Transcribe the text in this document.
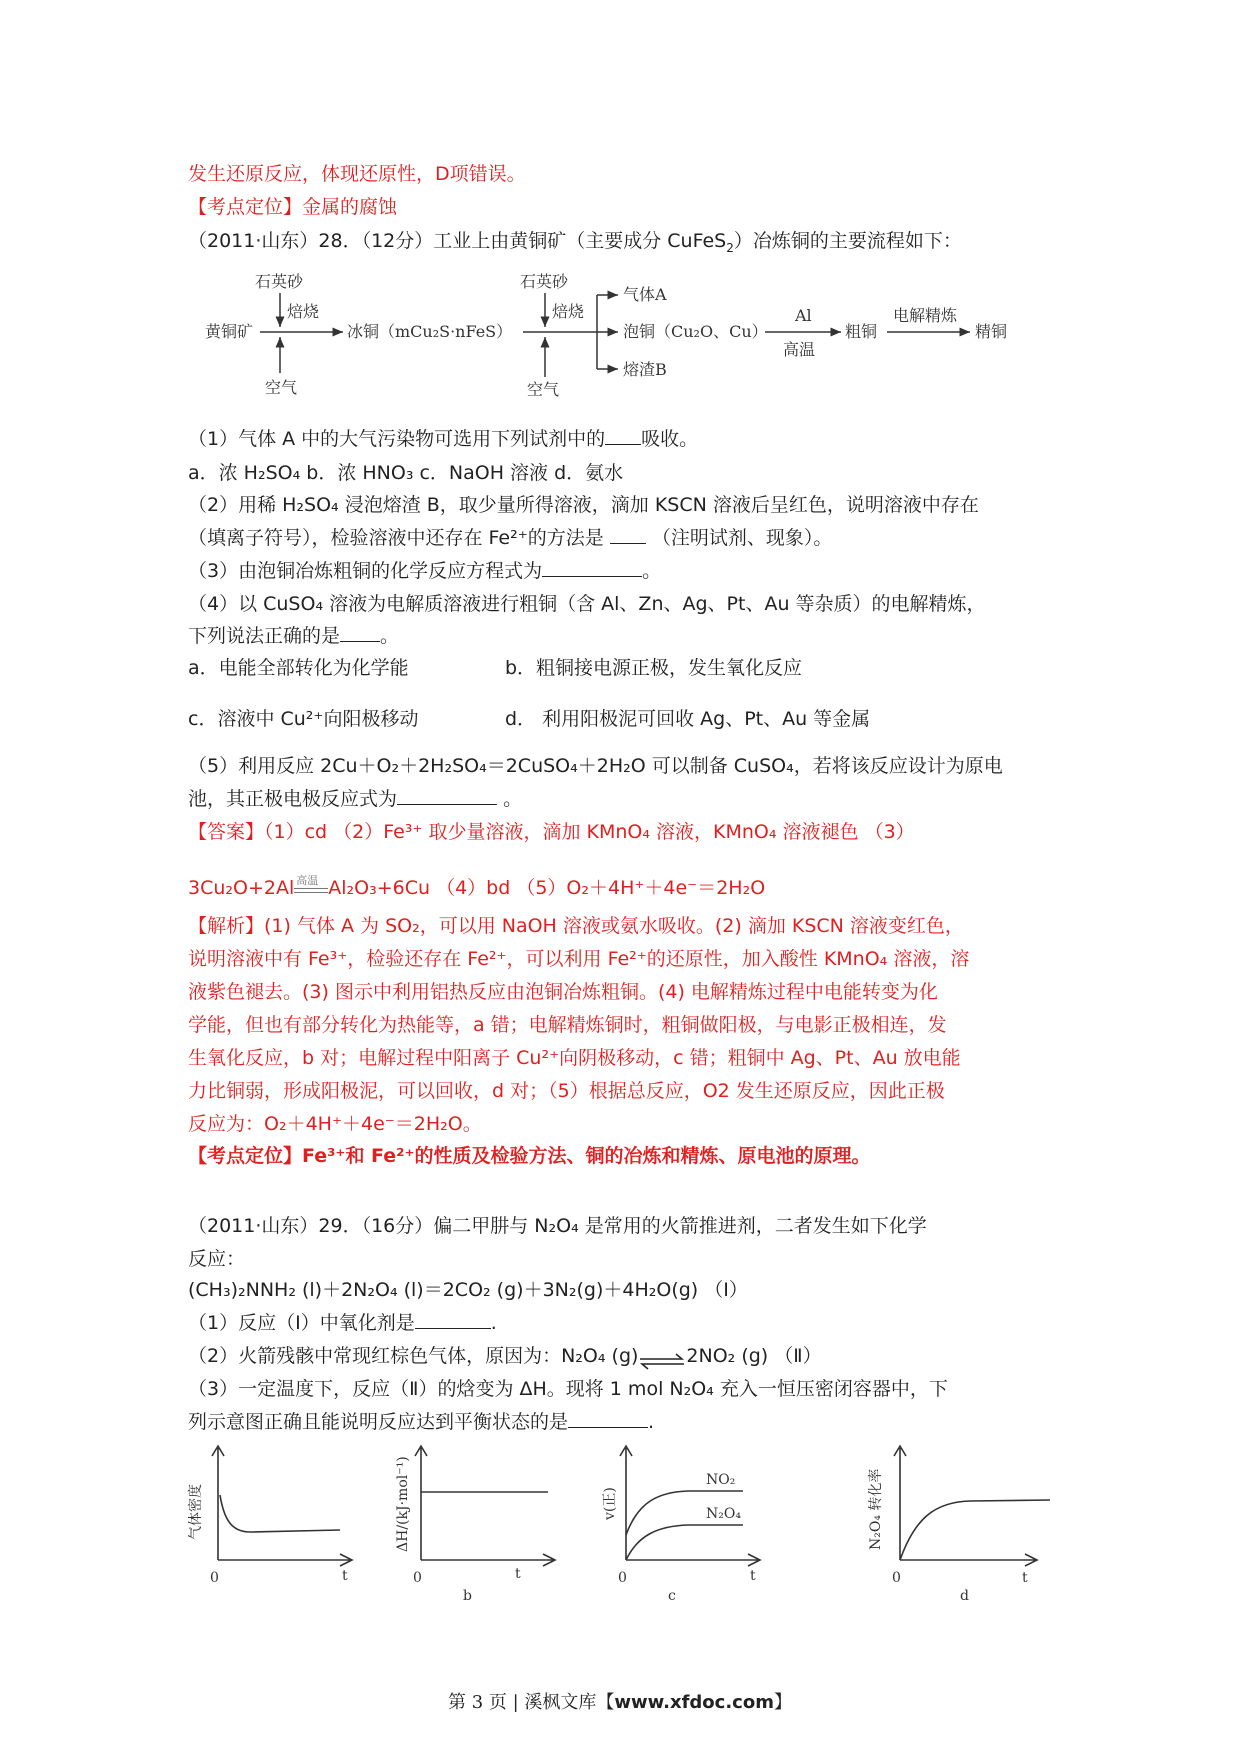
发生还原反应，体现还原性，D项错误。
【考点定位】金属的腐蚀
（2011·山东）28．（12分）工业上由黄铜矿（主要成分 CuFeS$_2$）冶炼铜的主要流程如下：
石英砂
焙烧
黄铜矿
空气
冰铜（mCu₂S·nFeS）
石英砂
焙烧
空气
气体A
泡铜（Cu₂O、Cu）
熔渣B
Al
高温
粗铜
电解精炼
精铜
（1）气体 A 中的大气污染物可选用下列试剂中的 吸收。
a．浓 H₂SO₄ b．浓 HNO₃ c．NaOH 溶液 d．氨水
（2）用稀 H₂SO₄ 浸泡熔渣 B，取少量所得溶液，滴加 KSCN 溶液后呈红色，说明溶液中存在
（填离子符号），检验溶液中还存在 Fe²⁺的方法是	（注明试剂、现象）。
（3）由泡铜冶炼粗铜的化学反应方程式为	。
（4）以 CuSO₄ 溶液为电解质溶液进行粗铜（含 Al、Zn、Ag、Pt、Au 等杂质）的电解精炼，
下列说法正确的是 。
a．电能全部转化为化学能	b．粗铜接电源正极，发生氧化反应
c．溶液中 Cu²⁺向阳极移动	d． 利用阳极泥可回收 Ag、Pt、Au 等金属
（5）利用反应 2Cu＋O₂＋2H₂SO₄＝2CuSO₄＋2H₂O 可以制备 CuSO₄，若将该反应设计为原电
池，其正极电极反应式为	。
【答案】（1）cd （2）Fe³⁺ 取少量溶液，滴加 KMnO₄ 溶液，KMnO₄ 溶液褪色 （3）
3Cu₂O+2Al 高温 Al₂O₃+6Cu （4）bd （5）O₂＋4H⁺＋4e⁻＝2H₂O
【解析】(1) 气体 A 为 SO₂，可以用 NaOH 溶液或氨水吸收。(2) 滴加 KSCN 溶液变红色，
说明溶液中有 Fe³⁺，检验还存在 Fe²⁺，可以利用 Fe²⁺的还原性，加入酸性 KMnO₄ 溶液，溶
液紫色褪去。(3) 图示中利用铝热反应由泡铜冶炼粗铜。(4) 电解精炼过程中电能转变为化
学能，但也有部分转化为热能等，a 错；电解精炼铜时，粗铜做阳极，与电影正极相连，发
生氧化反应，b 对；电解过程中阳离子 Cu²⁺向阴极移动，c 错；粗铜中 Ag、Pt、Au 放电能
力比铜弱，形成阳极泥，可以回收，d 对；（5）根据总反应，O2 发生还原反应，因此正极
反应为：O₂＋4H⁺＋4e⁻＝2H₂O。
【考点定位】Fe³⁺和 Fe²⁺的性质及检验方法、铜的冶炼和精炼、原电池的原理。
（2011·山东）29．（16分）偏二甲肼与 N₂O₄ 是常用的火箭推进剂，二者发生如下化学
反应：
(CH₃)₂NNH₂ (l)＋2N₂O₄ (l)＝2CO₂ (g)＋3N₂(g)＋4H₂O(g) （Ⅰ）
（1）反应（Ⅰ）中氧化剂是	.
（2）火箭残骸中常现红棕色气体，原因为：N₂O₄ (g)	2NO₂ (g) （Ⅱ）
（3）一定温度下，反应（Ⅱ）的焓变为 ΔH。现将 1 mol N₂O₄ 充入一恒压密闭容器中，下
列示意图正确且能说明反应达到平衡状态的是	.
气体密度
0	t
ΔH/(kJ·mol⁻¹)
0	t
b
v(正)
NO₂
N₂O₄
0	t
c
N₂O₄ 转化率
0	t
d
第 3 页 | 溪枫文库【www.xfdoc.com】
